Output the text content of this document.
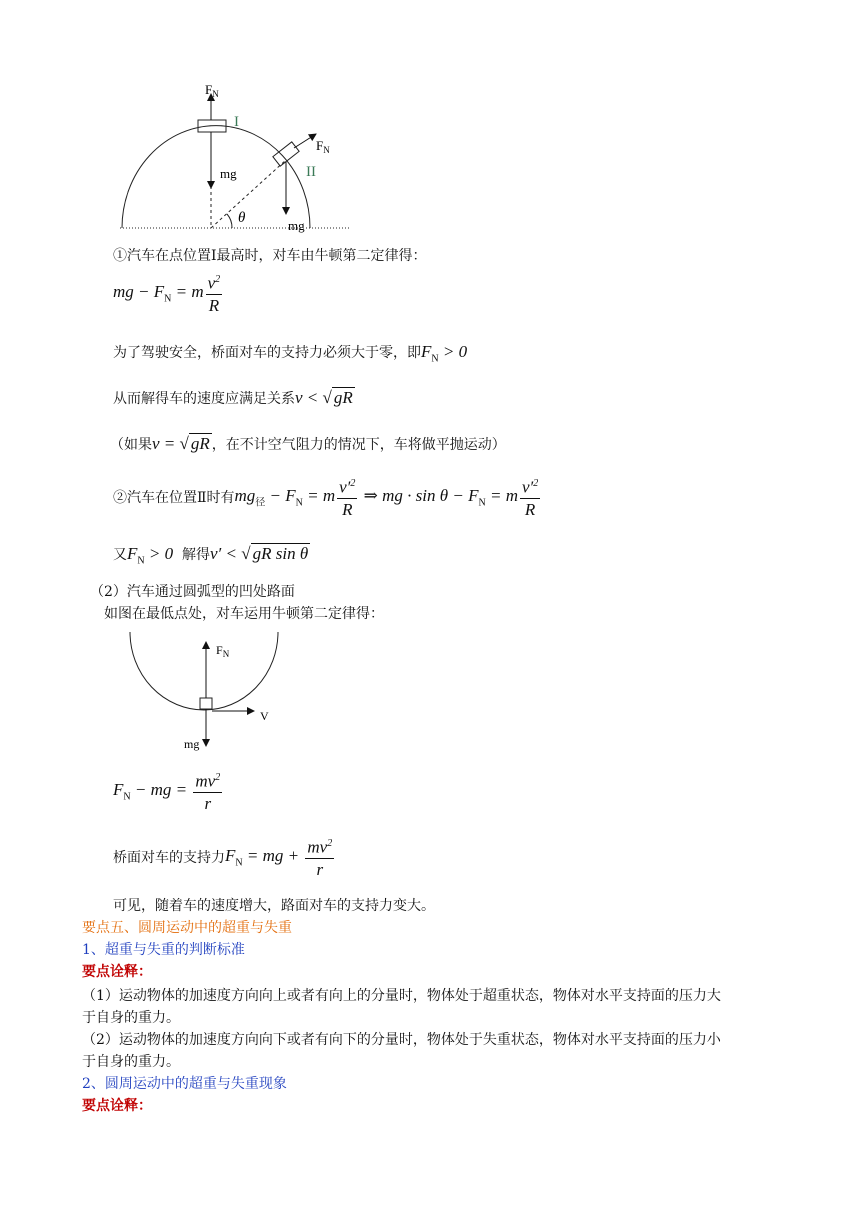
$F_N$
I
mg
$F_N$
II
mg
θ
①汽车在点位置Ⅰ最高时，对车由牛顿第二定律得：
mg − $F_N = m \frac{v^2}{R}$
为了驾驶安全，桥面对车的支持力必须大于零，即$F_N > 0$
从而解得车的速度应满足关系v < √ gR
（如果v = √ gR ，在不计空气阻力的情况下，车将做平抛运动）
②汽车在位置Ⅱ时有$mg_径 - F_N = m \frac{v'^2}{R}$ ⇒ mg · $\sin \theta - F_N = m \frac{v'^2}{R}$
又$F_N > 0$ 解得v′ < √ gR sin θ
（2）汽车通过圆弧型的凹处路面
如图在最低点处，对车运用牛顿第二定律得：
$F_N$
V
mg
$F_N$ − mg = $\frac{mv^2}{r}$
桥面对车的支持力$F_N$ = mg + $\frac{mv^2}{r}$
可见，随着车的速度增大，路面对车的支持力变大。
要点五、圆周运动中的超重与失重
1、超重与失重的判断标准
要点诠释：
（1）运动物体的加速度方向向上或者有向上的分量时，物体处于超重状态，物体对水平支持面的压力大
于自身的重力。
（2）运动物体的加速度方向向下或者有向下的分量时，物体处于失重状态，物体对水平支持面的压力小
于自身的重力。
2、圆周运动中的超重与失重现象
要点诠释：
